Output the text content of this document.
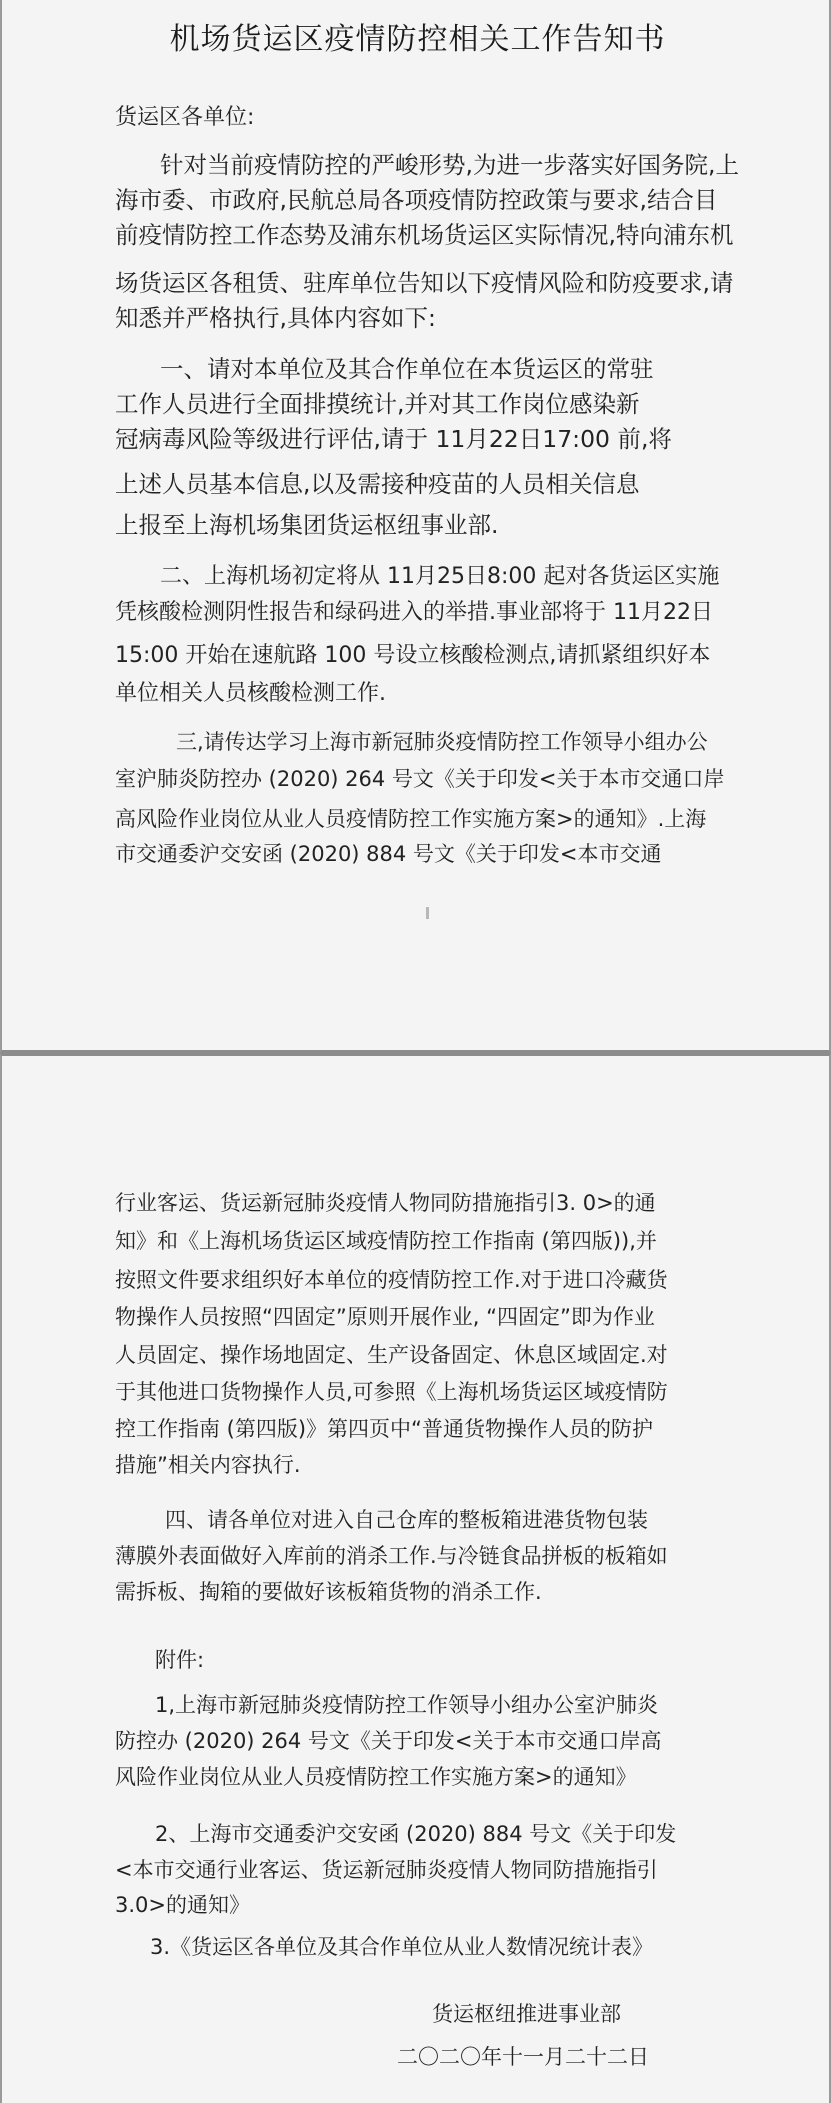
机场货运区疫情防控相关工作告知书
货运区各单位:
针对当前疫情防控的严峻形势,为进一步落实好国务院,上
海市委、市政府,民航总局各项疫情防控政策与要求,结合目
前疫情防控工作态势及浦东机场货运区实际情况,特向浦东机
场货运区各租赁、驻库单位告知以下疫情风险和防疫要求,请
知悉并严格执行,具体内容如下:
一、请对本单位及其合作单位在本货运区的常驻
工作人员进行全面排摸统计,并对其工作岗位感染新
冠病毒风险等级进行评估,请于 11月22日17:00 前,将
上述人员基本信息,以及需接种疫苗的人员相关信息
上报至上海机场集团货运枢纽事业部.
二、上海机场初定将从 11月25日8:00 起对各货运区实施
凭核酸检测阴性报告和绿码进入的举措.事业部将于 11月22日
15:00 开始在速航路 100 号设立核酸检测点,请抓紧组织好本
单位相关人员核酸检测工作.
三,请传达学习上海市新冠肺炎疫情防控工作领导小组办公
室沪肺炎防控办 (2020) 264 号文《关于印发<关于本市交通口岸
高风险作业岗位从业人员疫情防控工作实施方案>的通知》.上海
市交通委沪交安函 (2020) 884 号文《关于印发<本市交通
行业客运、货运新冠肺炎疫情人物同防措施指引3. 0>的通
知》和《上海机场货运区域疫情防控工作指南 (第四版)),并
按照文件要求组织好本单位的疫情防控工作.对于进口冷藏货
物操作人员按照“四固定”原则开展作业, “四固定”即为作业
人员固定、操作场地固定、生产设备固定、休息区域固定.对
于其他进口货物操作人员,可参照《上海机场货运区域疫情防
控工作指南 (第四版)》第四页中“普通货物操作人员的防护
措施”相关内容执行.
四、请各单位对进入自己仓库的整板箱进港货物包装
薄膜外表面做好入库前的消杀工作.与冷链食品拼板的板箱如
需拆板、掏箱的要做好该板箱货物的消杀工作.
附件:
1,上海市新冠肺炎疫情防控工作领导小组办公室沪肺炎
防控办 (2020) 264 号文《关于印发<关于本市交通口岸高
风险作业岗位从业人员疫情防控工作实施方案>的通知》
2、上海市交通委沪交安函 (2020) 884 号文《关于印发
<本市交通行业客运、货运新冠肺炎疫情人物同防措施指引
3.0>的通知》
3.《货运区各单位及其合作单位从业人数情况统计表》
货运枢纽推进事业部
二〇二〇年十一月二十二日
